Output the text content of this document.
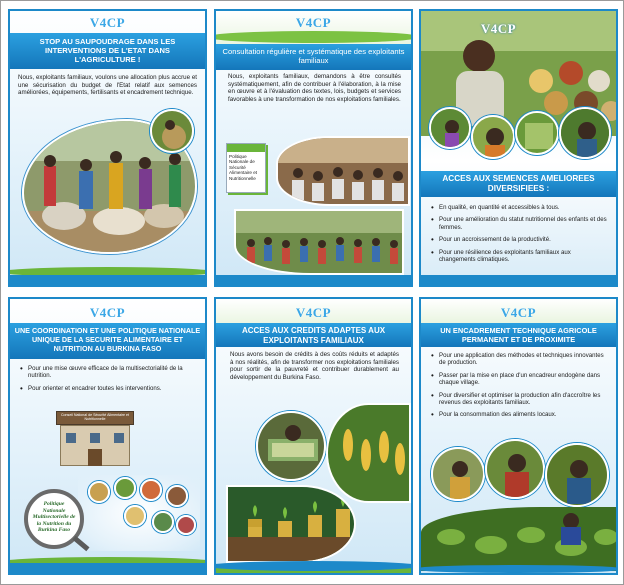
V4CP
STOP AU SAUPOUDRAGE DANS LES INTERVENTIONS DE L'ETAT DANS L'AGRICULTURE !
Nous, exploitants familiaux, voulons une allocation plus accrue et une sécurisation du budget de l'Etat relatif aux semences améliorées, équipements, fertilisants et encadrement technique.
V4CP
Consultation régulière et systématique des exploitants familiaux
Nous, exploitants familiaux, demandons à être consultés systématiquement, afin de contribuer à l'élaboration, à la mise en œuvre et à l'évaluation des textes, lois, budgets et services favorables à une transformation de nos exploitations familiales.
Politique Nationale de Sécurité Alimentaire et Nutritionnelle
V4CP
ACCES AUX SEMENCES AMELIOREES DIVERSIFIEES :
• En qualité, en quantité et accessibles à tous.
• Pour une amélioration du statut nutritionnel des enfants et des femmes.
• Pour un accroissement de la productivité.
• Pour une résilience des exploitants familiaux aux changements climatiques.
V4CP
UNE COORDINATION ET UNE POLITIQUE NATIONALE UNIQUE DE LA SECURITE ALIMENTAIRE ET NUTRITION AU BURKINA FASO
• Pour une mise œuvre efficace de la multisectorialité de la nutrition.
• Pour orienter et encadrer toutes les interventions.
Conseil National de Sécurité Alimentaire et Nutritionnelle
Politique Nationale Multisectorielle de la Nutrition du Burkina Faso
V4CP
ACCES AUX CREDITS ADAPTES AUX EXPLOITANTS FAMILIAUX
Nous avons besoin de crédits à des coûts réduits et adaptés à nos réalités, afin de transformer nos exploitations familiales pour sortir de la pauvreté et contribuer durablement au développement du Burkina Faso.
V4CP
UN ENCADREMENT TECHNIQUE AGRICOLE PERMANENT ET DE PROXIMITE
• Pour une application des méthodes et techniques innovantes de production.
• Passer par la mise en place d'un encadreur endogène dans chaque village.
• Pour diversifier et optimiser la production afin d'accroître les revenus des exploitants familiaux.
• Pour la consommation des aliments locaux.
